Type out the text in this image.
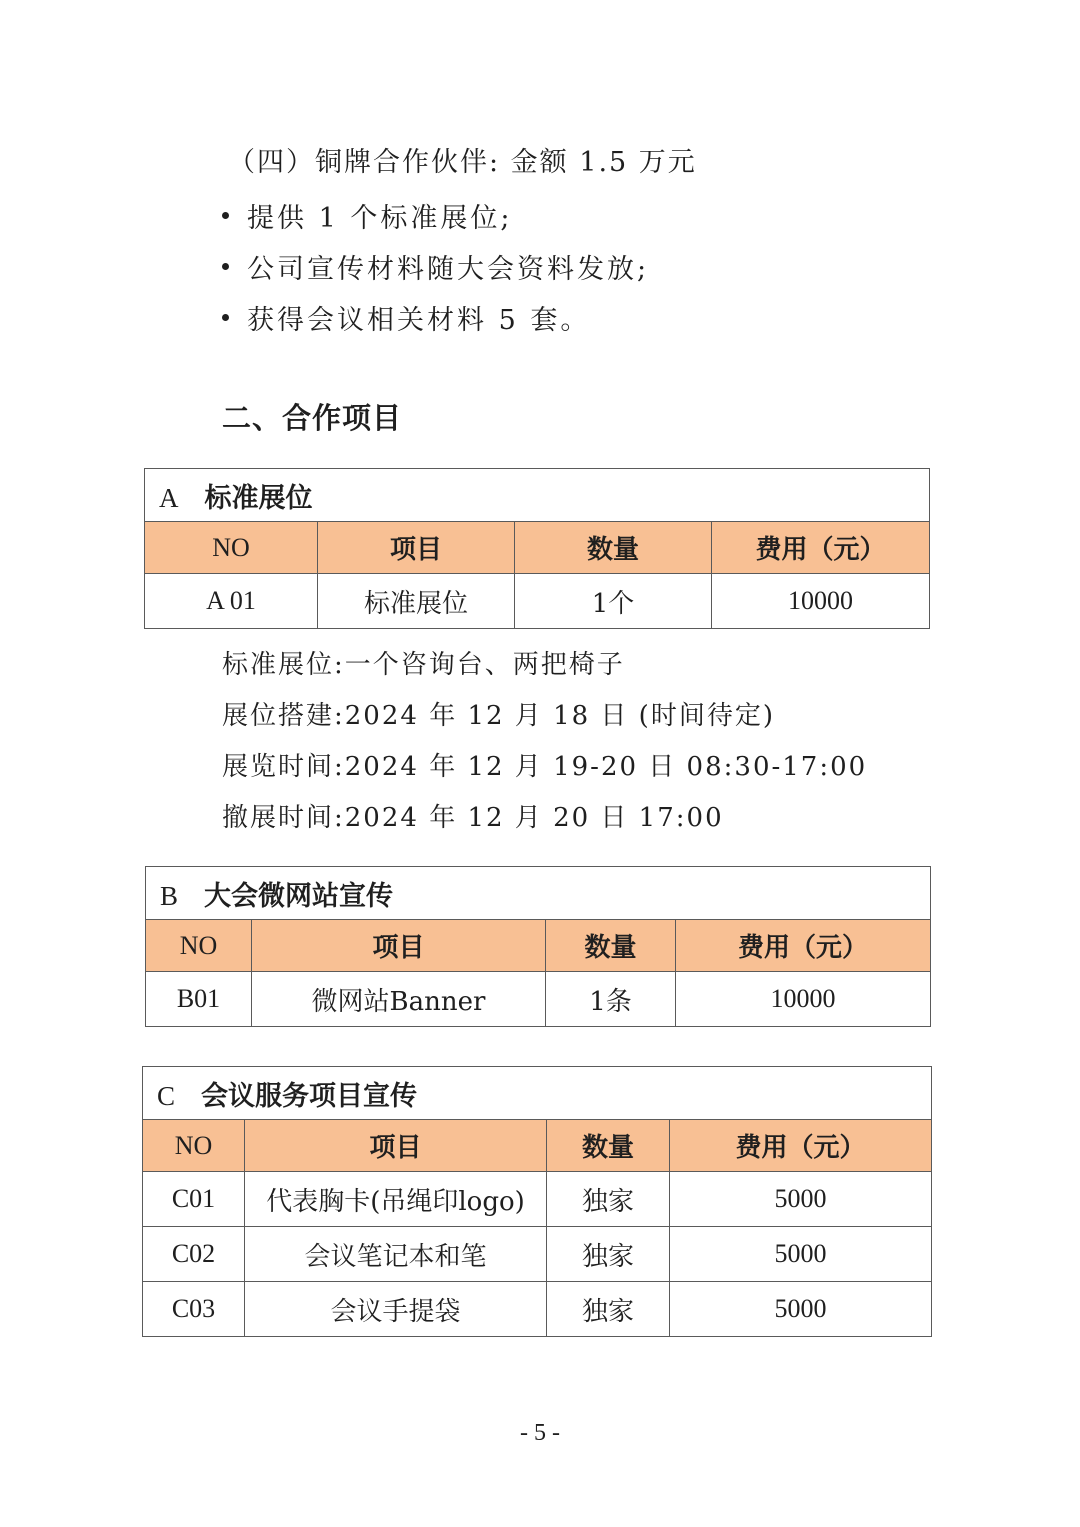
（四）铜牌合作伙伴: 金额 1.5 万元
提供 1 个标准展位;
公司宣传材料随大会资料发放;
获得会议相关材料 5 套。
二、合作项目
A 标准展位			
NO	项目	数量	费用（元）
A 01	标准展位	1个	10000
标准展位:一个咨询台、两把椅子
展位搭建:2024 年 12 月 18 日 (时间待定)
展览时间:2024 年 12 月 19-20 日 08:30-17:00
撤展时间:2024 年 12 月 20 日 17:00
B 大会微网站宣传			
NO	项目	数量	费用（元）
B01	微网站Banner	1条	10000
C 会议服务项目宣传			
NO	项目	数量	费用（元）
C01	代表胸卡(吊绳印logo)	独家	5000
C02	会议笔记本和笔	独家	5000
C03	会议手提袋	独家	5000
- 5 -
